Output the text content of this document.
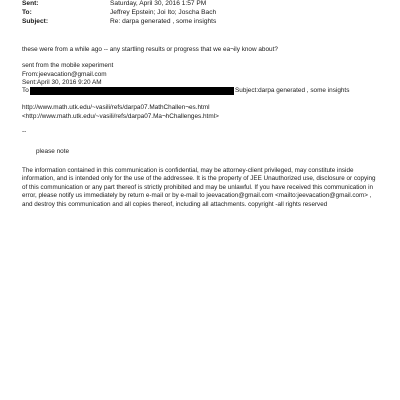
Sent:	Saturday, April 30, 2016 1:57 PM
To:	Jeffrey Epstein; Joi Ito; Joscha Bach
Subject:	Re: darpa generated , some insights
these were from a while ago -- any startling results or progress that we ea¬ily know about?
sent from the mobile xeperiment
From:jeevacation@gmail.com
Sent:April 30, 2016 9:20 AM
To	Subject:darpa generated , some insights
http://www.math.utk.edu/~vasili/refs/darpa07.MathChallen¬es.html
<http://www.math.utk.edu/~vasili/refs/darpa07.Ma¬hChallenges.html>
--
please note
The information contained in this communication is confidential, may be attorney-client privileged, may constitute inside information, and is intended only for the use of the addressee. It is the property of JEE Unauthorized use, disclosure or copying of this communication or any part thereof is strictly prohibited and may be unlawful. If you have received this communication in error, please notify us immediately by return e-mail or by e-mail to jeevacation@gmail.com <mailto:jeevacation@gmail.com> , and destroy this communication and all copies thereof, including all attachments. copyright -all rights reserved
